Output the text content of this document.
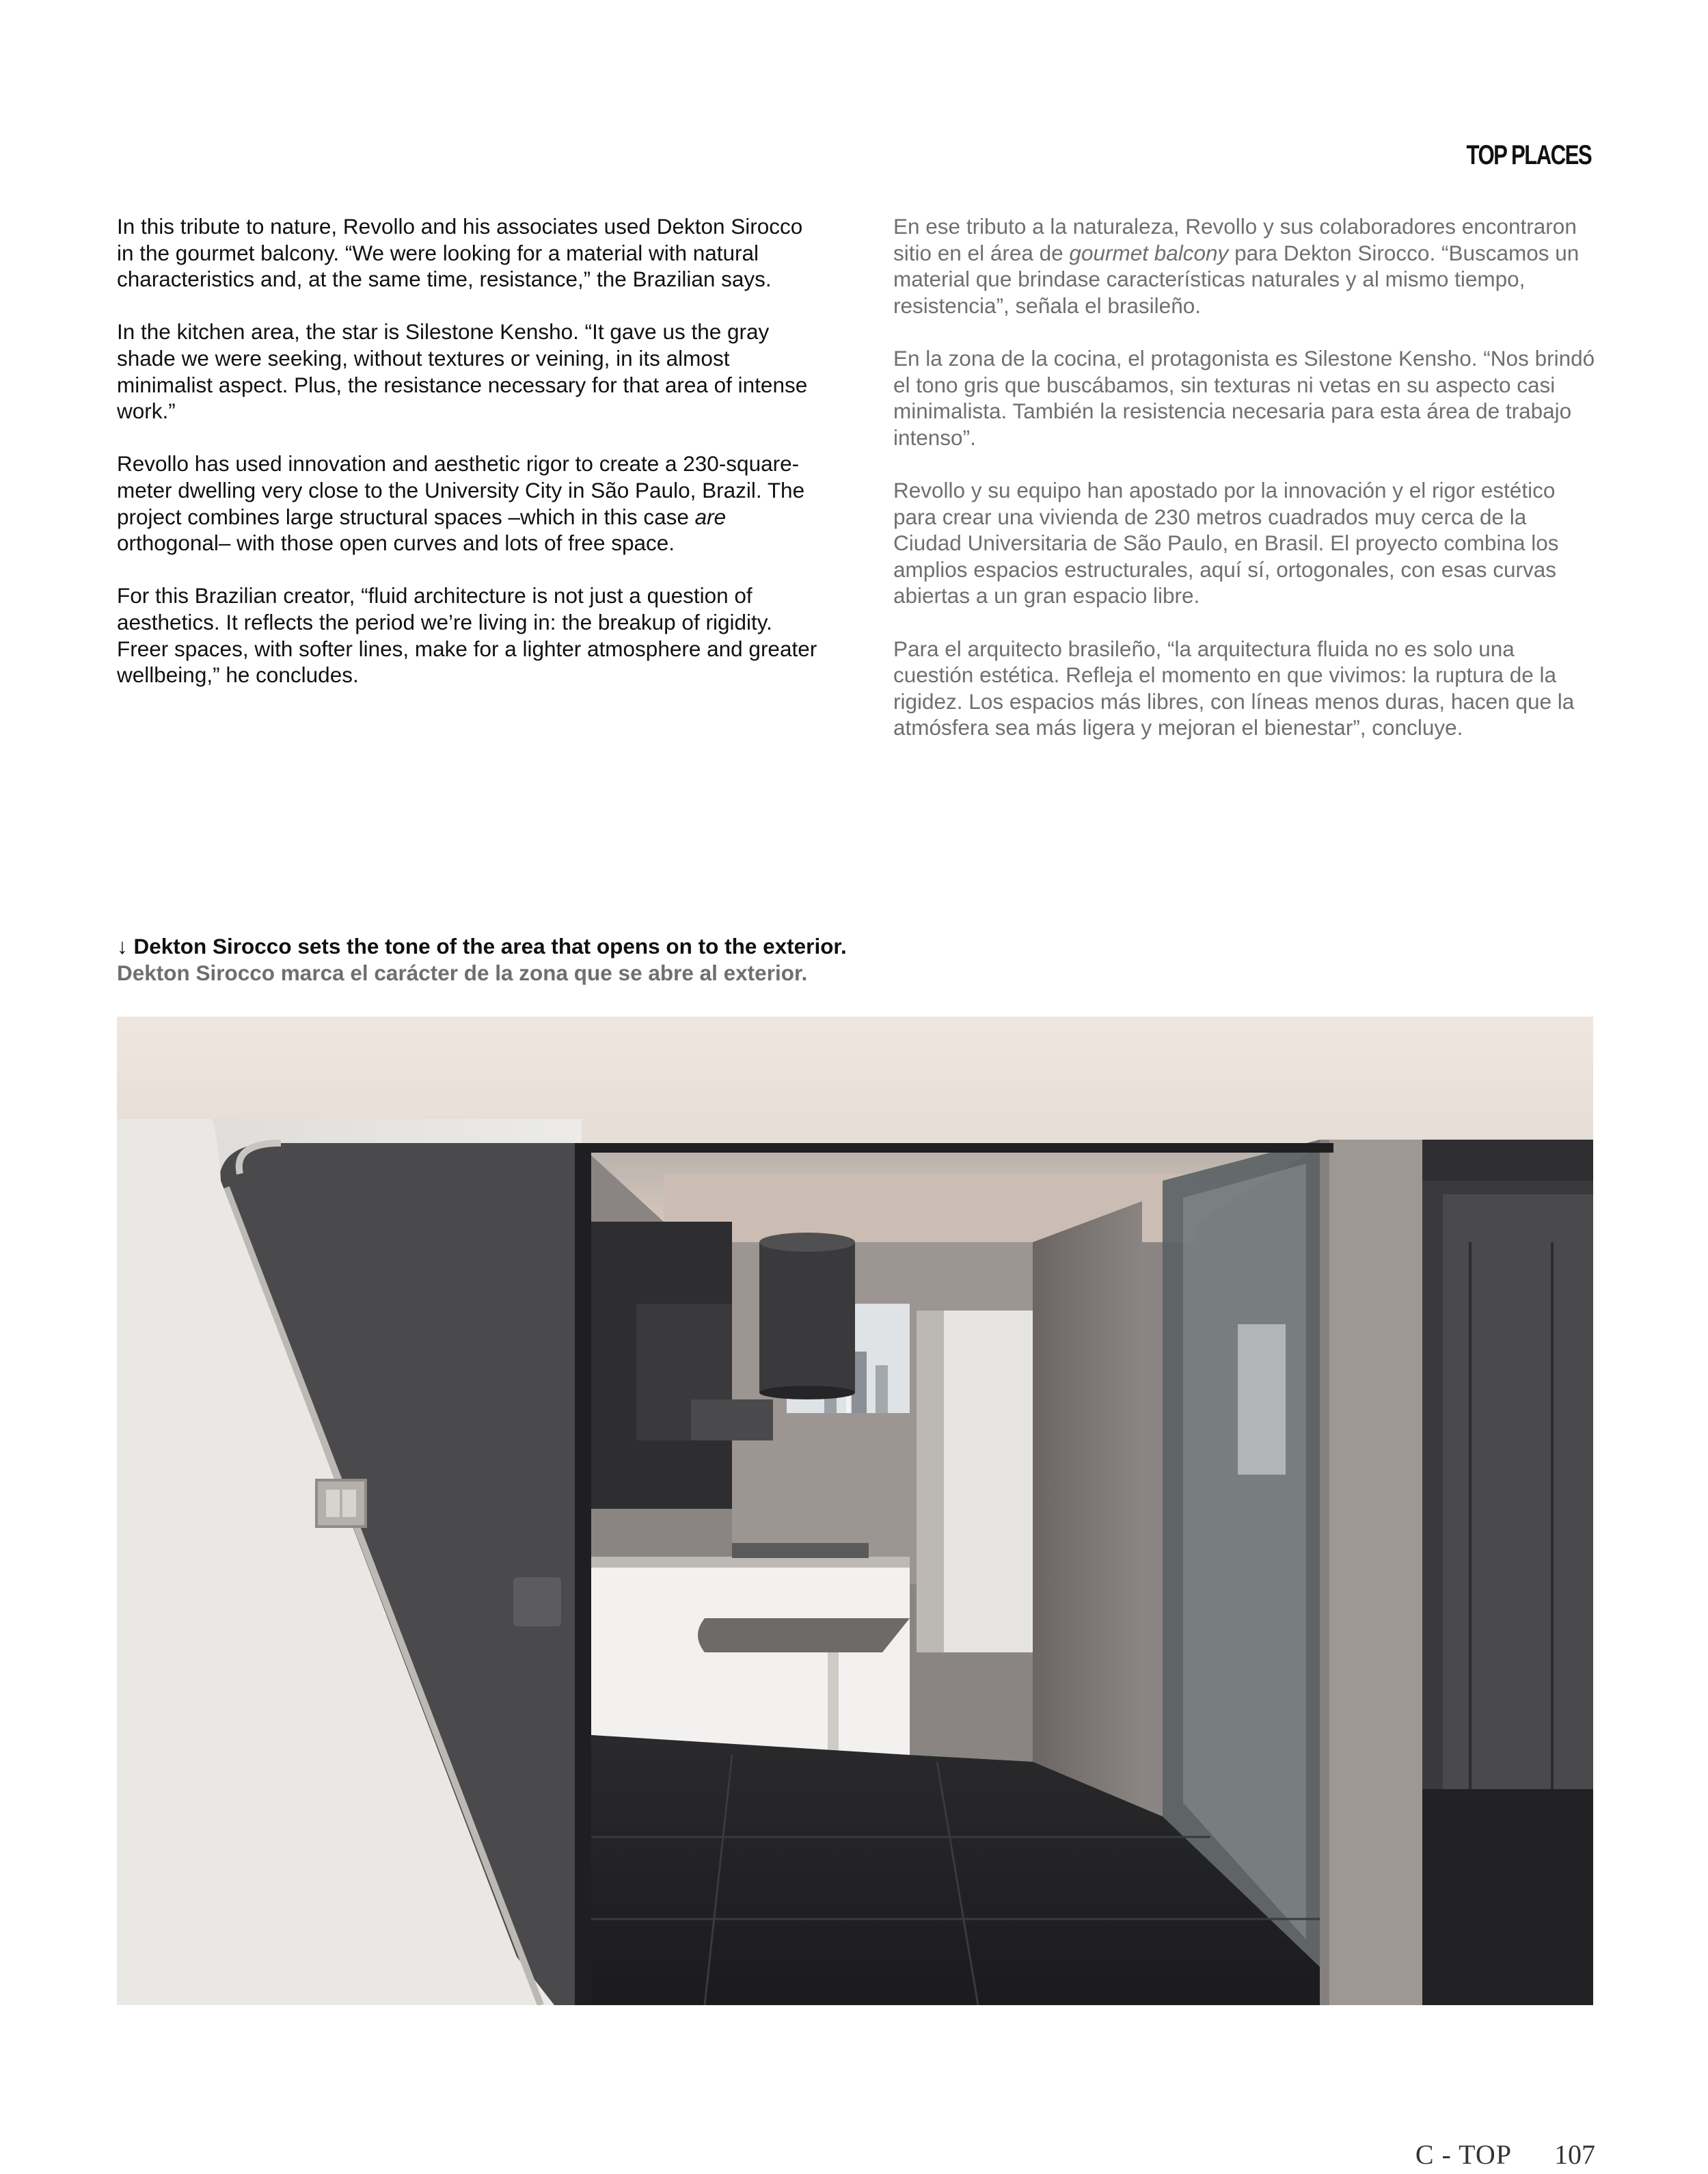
TOP PLACES

In this tribute to nature, Revollo and his associates used Dekton Sirocco in the gourmet balcony. “We were looking for a material with natural characteristics and, at the same time, resistance,” the Brazilian says.

In the kitchen area, the star is Silestone Kensho. “It gave us the gray shade we were seeking, without textures or veining, in its almost minimalist aspect. Plus, the resistance necessary for that area of intense work.”

Revollo has used innovation and aesthetic rigor to create a 230-square-meter dwelling very close to the University City in São Paulo, Brazil. The project combines large structural spaces –which in this case are orthogonal– with those open curves and lots of free space.

For this Brazilian creator, “fluid architecture is not just a question of aesthetics. It reflects the period we’re living in: the breakup of rigidity. Freer spaces, with softer lines, make for a lighter atmosphere and greater wellbeing,” he concludes.

En ese tributo a la naturaleza, Revollo y sus colaboradores encontraron sitio en el área de gourmet balcony para Dekton Sirocco. “Buscamos un material que brindase características naturales y al mismo tiempo, resistencia”, señala el brasileño.

En la zona de la cocina, el protagonista es Silestone Kensho. “Nos brindó el tono gris que buscábamos, sin texturas ni vetas en su aspecto casi minimalista. También la resistencia necesaria para esta área de trabajo intenso”.

Revollo y su equipo han apostado por la innovación y el rigor estético para crear una vivienda de 230 metros cuadrados muy cerca de la Ciudad Universitaria de São Paulo, en Brasil. El proyecto combina los amplios espacios estructurales, aquí sí, ortogonales, con esas curvas abiertas a un gran espacio libre.

Para el arquitecto brasileño, “la arquitectura fluida no es solo una cuestión estética. Refleja el momento en que vivimos: la ruptura de la rigidez. Los espacios más libres, con líneas menos duras, hacen que la atmósfera sea más ligera y mejoran el bienestar”, concluye.

↓ Dekton Sirocco sets the tone of the area that opens on to the exterior.
Dekton Sirocco marca el carácter de la zona que se abre al exterior.
C - TOP 107
